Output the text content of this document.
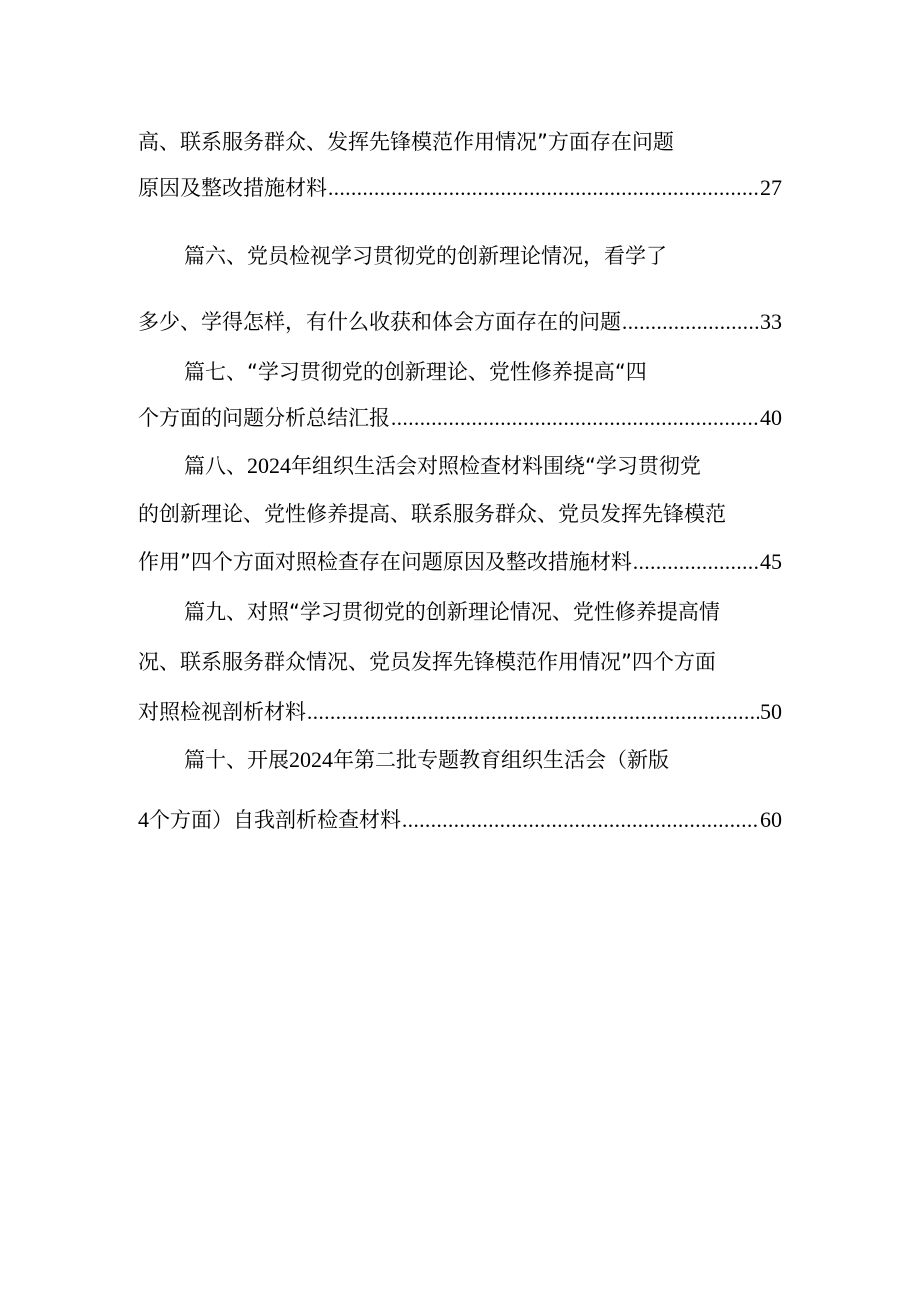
高、联系服务群众、发挥先锋模范作用情况”方面存在问题
原因及整改措施材料 .....	27
篇六、党员检视学习贯彻党的创新理论情况，看学了
多少、学得怎样，有什么收获和体会方面存在的问题 .....	33
篇七、“学习贯彻党的创新理论、党性修养提高“四
个方面的问题分析总结汇报 .....	40
篇八、2024年组织生活会对照检查材料围绕“学习贯彻党
的创新理论、党性修养提高、联系服务群众、党员发挥先锋模范
作用”四个方面对照检查存在问题原因及整改措施材料 .....	45
篇九、对照“学习贯彻党的创新理论情况、党性修养提高情
况、联系服务群众情况、党员发挥先锋模范作用情况”四个方面
对照检视剖析材料 .....	50
篇十、开展2024年第二批专题教育组织生活会（新版
4个方面）自我剖析检查材料 .....	60
